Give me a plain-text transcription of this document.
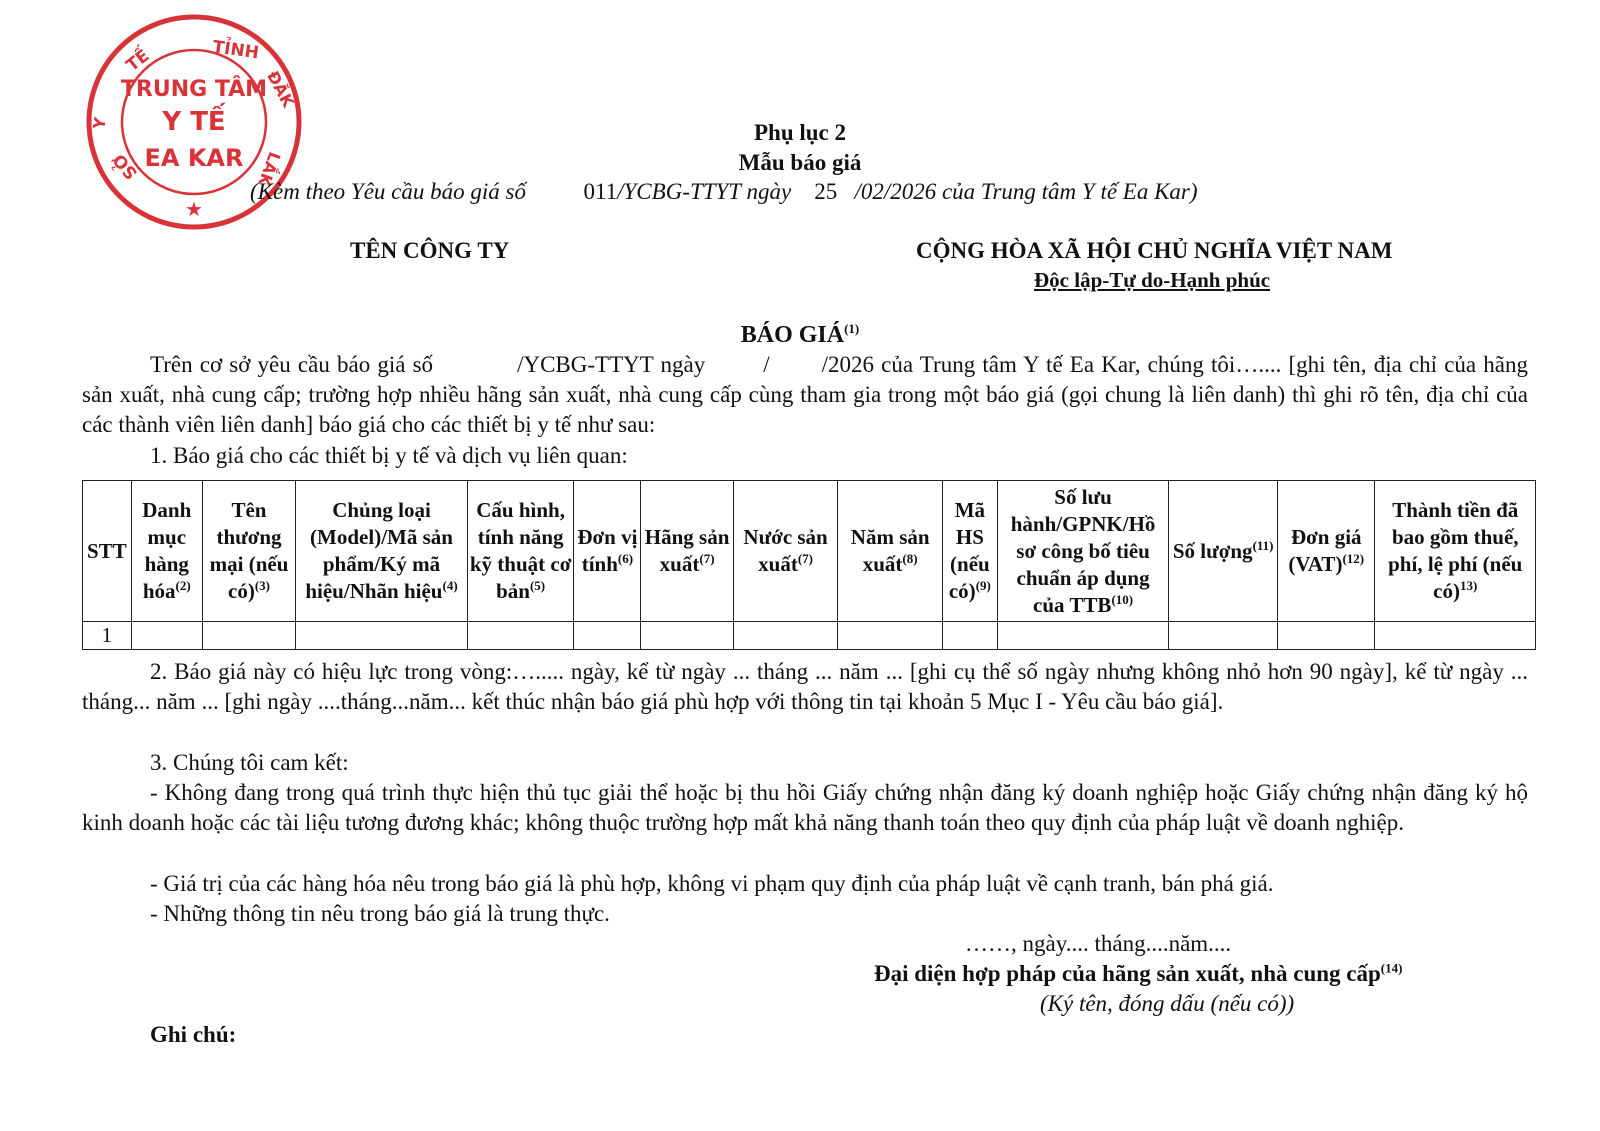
TỈNH
TẾ
Y
SỞ
ĐẮK
LẮK
TRUNG TÂM
Y TẾ
EA KAR
★
Phụ lục 2
Mẫu báo giá
(Kèm theo Yêu cầu báo giá số	011/YCBG-TTYT ngày 25 /02/2026 của Trung tâm Y tế Ea Kar)
TÊN CÔNG TY	CỘNG HÒA XÃ HỘI CHỦ NGHĨA VIỆT NAM
Độc lập-Tự do-Hạnh phúc
BÁO GIÁ$^{(1)}$
Trên cơ sở yêu cầu báo giá số	/YCBG-TTYT ngày	/ /2026 của Trung tâm Y tế Ea Kar, chúng tôi….... [ghi tên, địa chỉ của hãng sản xuất, nhà cung cấp; trường hợp nhiều hãng sản xuất, nhà cung cấp cùng tham gia trong một báo giá (gọi chung là liên danh) thì ghi rõ tên, địa chỉ của các thành viên liên danh] báo giá cho các thiết bị y tế như sau:
1. Báo giá cho các thiết bị y tế và dịch vụ liên quan:
STT	Danh mục hàng hóa$^{(2)}$	Tên thương mại (nếu có)$^{(3)}$	Chủng loại (Model)/Mã sản phẩm/Ký mã hiệu/Nhãn hiệu$^{(4)}$	Cấu hình, tính năng kỹ thuật cơ bản$^{(5)}$	Đơn vị tính$^{(6)}$	Hãng sản xuất$^{(7)}$	Nước sản xuất$^{(7)}$	Năm sản xuất$^{(8)}$	Mã HS (nếu có)$^{(9)}$	Số lưu hành/GPNK/Hồ sơ công bố tiêu chuẩn áp dụng của TTB$^{(10)}$	Số lượng$^{(11)}$	Đơn giá (VAT)$^{(12)}$	Thành tiền đã bao gồm thuế, phí, lệ phí (nếu có)$^{13)}$
1													
2. Báo giá này có hiệu lực trong vòng:…..... ngày, kể từ ngày ... tháng ... năm ... [ghi cụ thể số ngày nhưng không nhỏ hơn 90 ngày], kể từ ngày ... tháng... năm ... [ghi ngày ....tháng...năm... kết thúc nhận báo giá phù hợp với thông tin tại khoản 5 Mục I - Yêu cầu báo giá].
3. Chúng tôi cam kết:
- Không đang trong quá trình thực hiện thủ tục giải thể hoặc bị thu hồi Giấy chứng nhận đăng ký doanh nghiệp hoặc Giấy chứng nhận đăng ký hộ kinh doanh hoặc các tài liệu tương đương khác; không thuộc trường hợp mất khả năng thanh toán theo quy định của pháp luật về doanh nghiệp.
- Giá trị của các hàng hóa nêu trong báo giá là phù hợp, không vi phạm quy định của pháp luật về cạnh tranh, bán phá giá.
- Những thông tin nêu trong báo giá là trung thực.
……, ngày.... tháng....năm....
Đại diện hợp pháp của hãng sản xuất, nhà cung cấp$^{(14)}$
(Ký tên, đóng dấu (nếu có))
Ghi chú:
